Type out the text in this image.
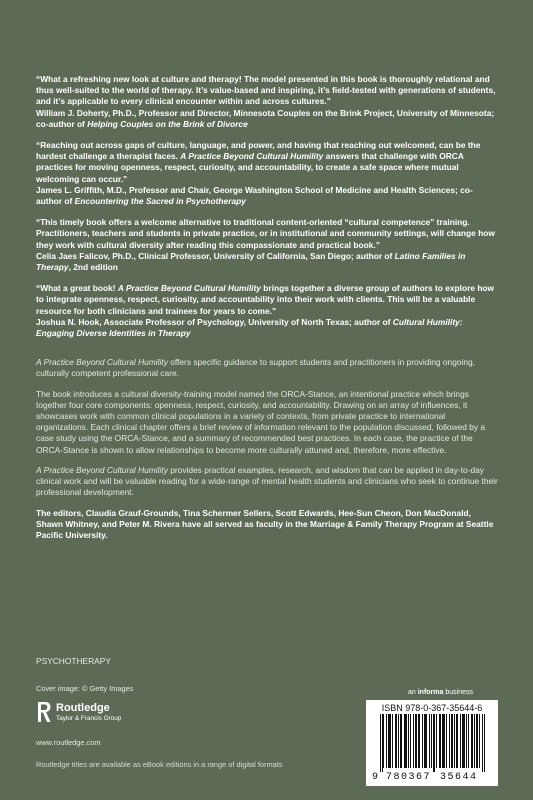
“What a refreshing new look at culture and therapy! The model presented in this book is thoroughly relational and thus well-suited to the world of therapy. It’s value-based and inspiring, it’s field-tested with generations of students, and it’s applicable to every clinical encounter within and across cultures.”
William J. Doherty, Ph.D., Professor and Director, Minnesota Couples on the Brink Project, University of Minnesota; co-author of Helping Couples on the Brink of Divorce
“Reaching out across gaps of culture, language, and power, and having that reaching out welcomed, can be the hardest challenge a therapist faces. A Practice Beyond Cultural Humility answers that challenge with ORCA practices for moving openness, respect, curiosity, and accountability, to create a safe space where mutual welcoming can occur.”
James L. Griffith, M.D., Professor and Chair, George Washington School of Medicine and Health Sciences; co-author of Encountering the Sacred in Psychotherapy
“This timely book offers a welcome alternative to traditional content-oriented “cultural competence” training. Practitioners, teachers and students in private practice, or in institutional and community settings, will change how they work with cultural diversity after reading this compassionate and practical book.”
Celia Jaes Falicov, Ph.D., Clinical Professor, University of California, San Diego; author of Latino Families in Therapy, 2nd edition
“What a great book! A Practice Beyond Cultural Humility brings together a diverse group of authors to explore how to integrate openness, respect, curiosity, and accountability into their work with clients. This will be a valuable resource for both clinicians and trainees for years to come.”
Joshua N. Hook, Associate Professor of Psychology, University of North Texas; author of Cultural Humility: Engaging Diverse Identities in Therapy

A Practice Beyond Cultural Humility offers specific guidance to support students and practitioners in providing ongoing, culturally competent professional care.

The book introduces a cultural diversity-training model named the ORCA-Stance, an intentional practice which brings together four core components: openness, respect, curiosity, and accountability. Drawing on an array of influences, it showcases work with common clinical populations in a variety of contexts, from private practice to international organizations. Each clinical chapter offers a brief review of information relevant to the population discussed, followed by a case study using the ORCA-Stance, and a summary of recommended best practices. In each case, the practice of the ORCA-Stance is shown to allow relationships to become more culturally attuned and, therefore, more effective.

A Practice Beyond Cultural Humility provides practical examples, research, and wisdom that can be applied in day-to-day clinical work and will be valuable reading for a wide-range of mental health students and clinicians who seek to continue their professional development.

The editors, Claudia Grauf-Grounds, Tina Schermer Sellers, Scott Edwards, Hee-Sun Cheon, Don MacDonald, Shawn Whitney, and Peter M. Rivera have all served as faculty in the Marriage & Family Therapy Program at Seattle Pacific University.

PSYCHOTHERAPY
Cover image: © Getty Images
Routledge
Taylor & Francis Group
www.routledge.com
Routledge titles are available as eBook editions in a range of digital formats
an informa business
ISBN 978-0-367-35644-6
9 780367 35644
